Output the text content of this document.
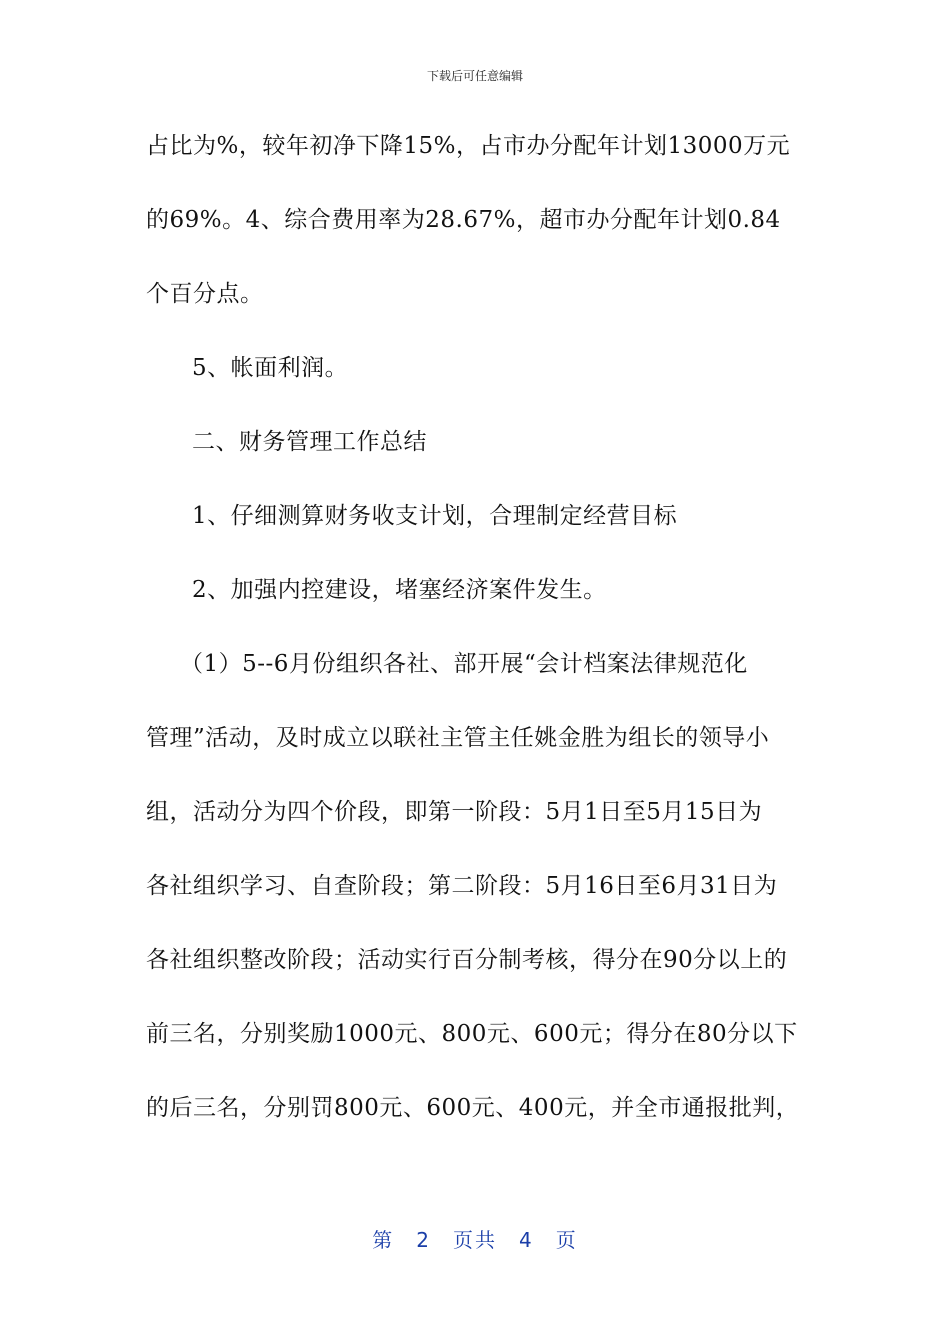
下载后可任意编辑
占比为%，较年初净下降15%，占市办分配年计划13000万元
的69%。4、综合费用率为28.67%，超市办分配年计划0.84
个百分点。
5、帐面利润。
二、财务管理工作总结
1、仔细测算财务收支计划，合理制定经营目标
2、加强内控建设，堵塞经济案件发生。
（1）5--6月份组织各社、部开展“会计档案法律规范化
管理”活动，及时成立以联社主管主任姚金胜为组长的领导小
组，活动分为四个价段，即第一阶段：5月1日至5月15日为
各社组织学习、自查阶段；第二阶段：5月16日至6月31日为
各社组织整改阶段；活动实行百分制考核，得分在90分以上的
前三名，分别奖励1000元、800元、600元；得分在80分以下
的后三名，分别罚800元、600元、400元，并全市通报批判，
第 2 页共 4 页
